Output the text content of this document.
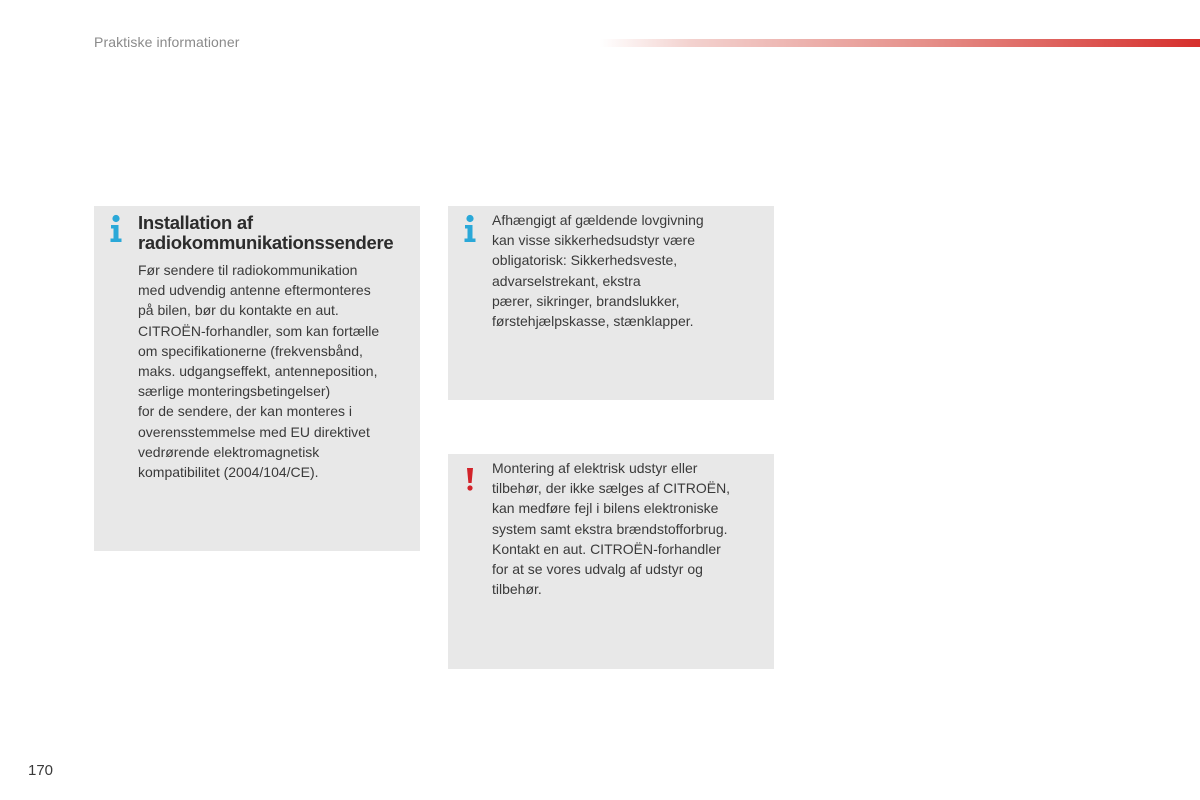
Praktiske informationer
Installation af
radiokommunikationssendere

Før sendere til radiokommunikation
med udvendig antenne eftermonteres
på bilen, bør du kontakte en aut.
CITROËN-forhandler, som kan fortælle
om specifikationerne (frekvensbånd,
maks. udgangseffekt, antenneposition,
særlige monteringsbetingelser)
for de sendere, der kan monteres i
overensstemmelse med EU direktivet
vedrørende elektromagnetisk
kompatibilitet (2004/104/CE).

Afhængigt af gældende lovgivning
kan visse sikkerhedsudstyr være
obligatorisk: Sikkerhedsveste,
advarselstrekant, ekstra
pærer, sikringer, brandslukker,
førstehjælpskasse, stænklapper.

Montering af elektrisk udstyr eller
tilbehør, der ikke sælges af CITROËN,
kan medføre fejl i bilens elektroniske
system samt ekstra brændstofforbrug.
Kontakt en aut. CITROËN-forhandler
for at se vores udvalg af udstyr og
tilbehør.

170
